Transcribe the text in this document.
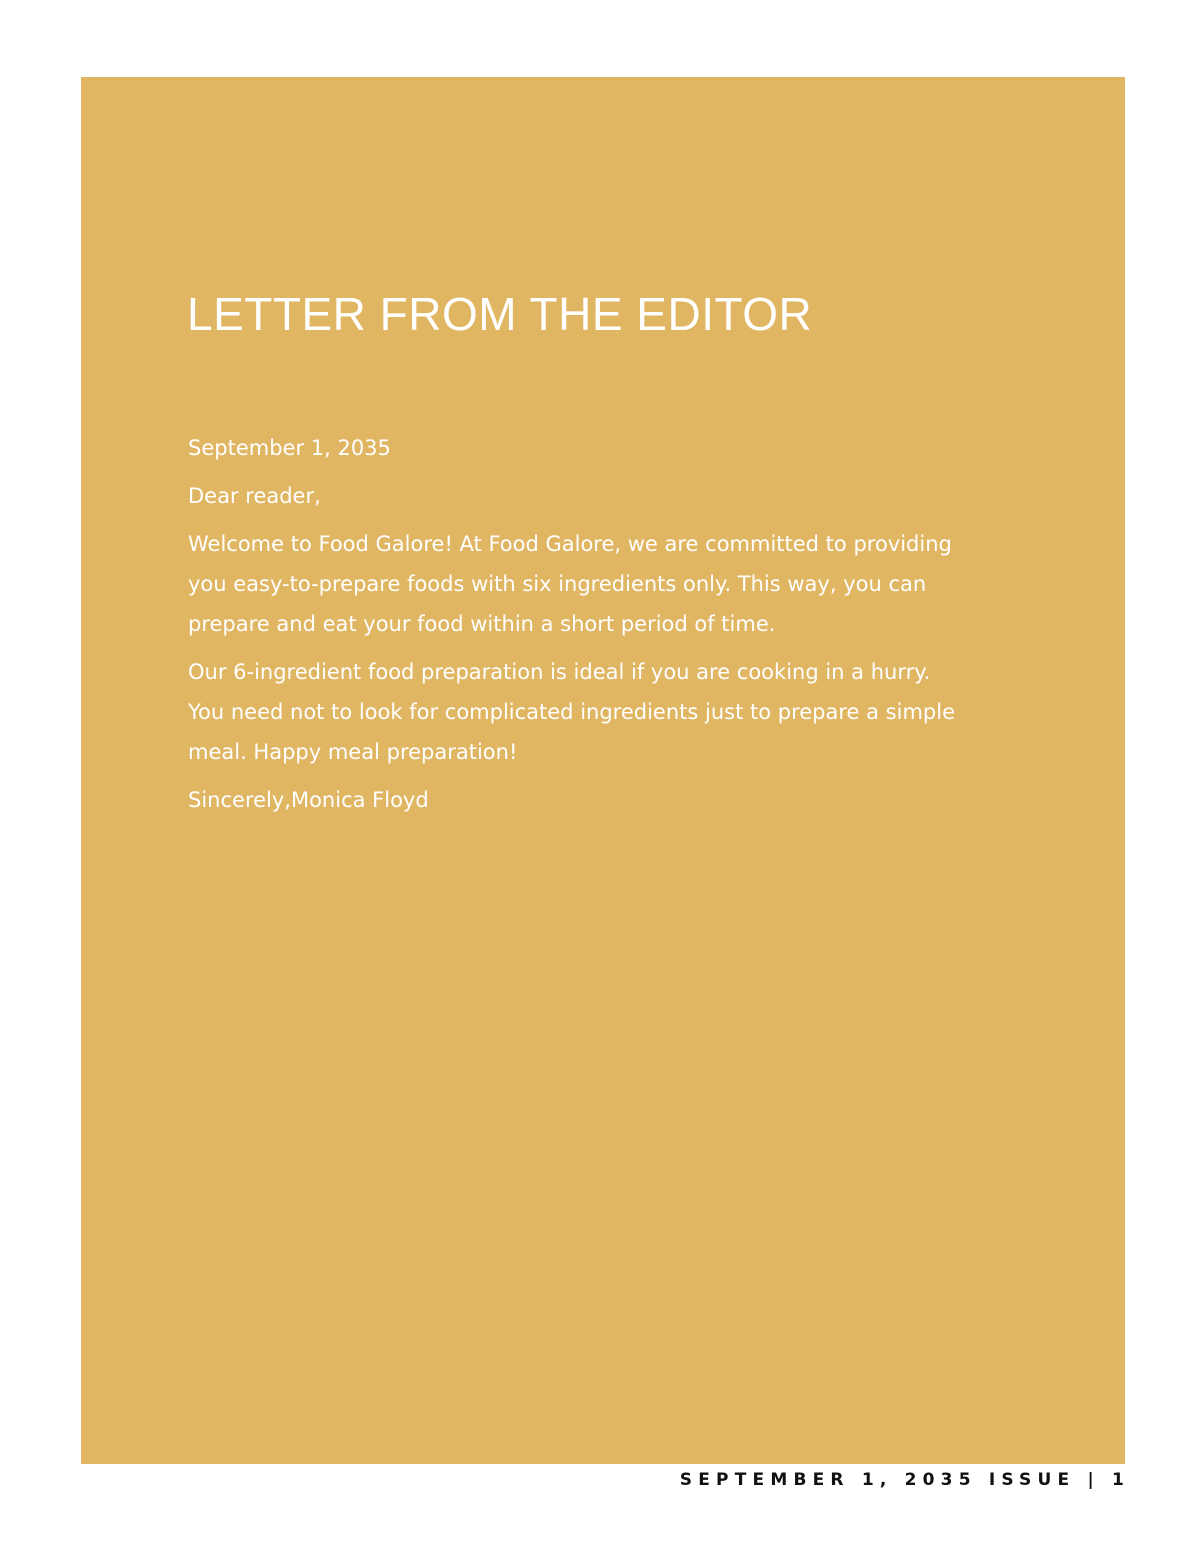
LETTER FROM THE EDITOR

September 1, 2035

Dear reader,

Welcome to Food Galore! At Food Galore, we are committed to providing you easy-to-prepare foods with six ingredients only. This way, you can prepare and eat your food within a short period of time.

Our 6-ingredient food preparation is ideal if you are cooking in a hurry. You need not to look for complicated ingredients just to prepare a simple meal. Happy meal preparation!

Sincerely,Monica Floyd

SEPTEMBER 1, 2035 ISSUE | 1
